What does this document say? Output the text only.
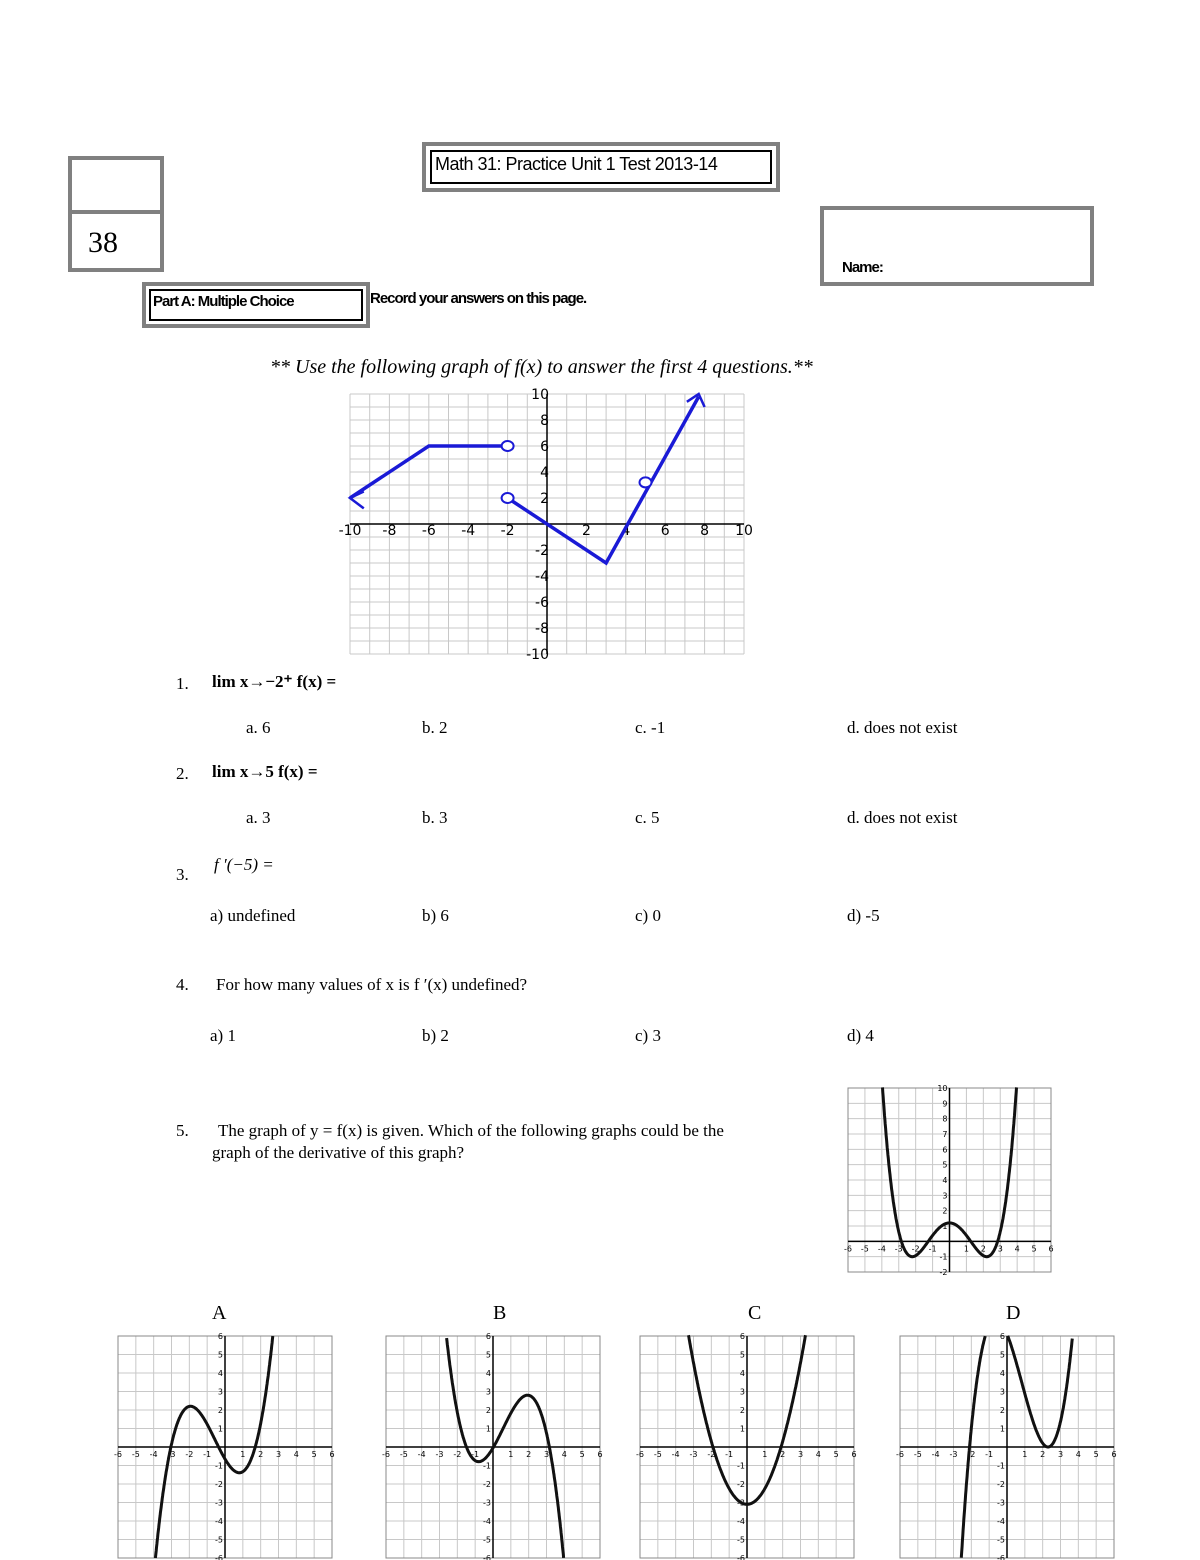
38
Math 31: Practice Unit 1 Test 2013-14
Name:
Part A: Multiple Choice	Record your answers on this page.
** Use the following graph of f(x) to answer the first 4 questions.**
-10 -8 -6 -4 -2	2 4 6 8 10
10
8
6
4
2
-2
-4
-6
-8
-10
1. lim x→−2⁺ f(x) =
a. 6	b. 2	c. -1	d. does not exist
2. lim x→5 f(x) =
a. 3	b. 3	c. 5	d. does not exist
3.
f ′(−5) =
a) undefined	b) 6	c) 0	d) -5
4. For how many values of x is f ′(x) undefined?
a) 1	b) 2	c) 3	d) 4
5. The graph of y = f(x) is given. Which of the following graphs could be the
graph of the derivative of this graph?
-6 -5 -4 -3 -2 -1	1 2 3 4 5 6
10
9
8
7
6
5
4
3
2
1
-1
-2
A	B	C	D
-6 -5 -4 -3 -2 -1	1 2 3 4 5 6
6
5
4
3
2
1
-1
-2
-3
-4
-5
-6
-6 -5 -4 -3 -2 -1	1 2 3 4 5 6
6
5
4
3
2
1
-1
-2
-3
-4
-5
-6
-6 -5 -4 -3 -2 -1	1 2 3 4 5 6
6
5
4
3
2
1
-1
-2
-3
-4
-5
-6
-6 -5 -4 -3 -2 -1	1 2 3 4 5 6
6
5
4
3
2
1
-1
-2
-3
-4
-5
-6
